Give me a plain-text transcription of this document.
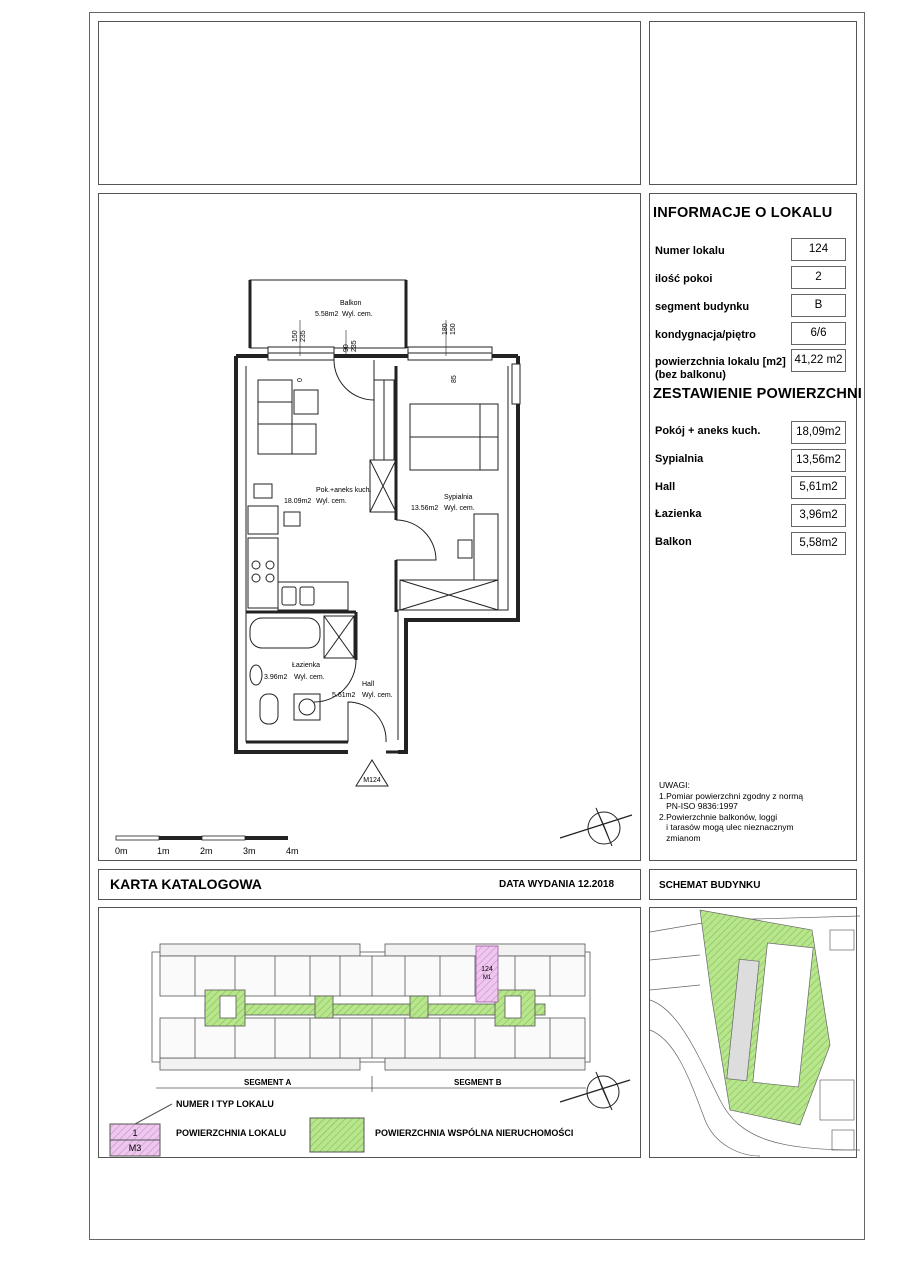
INFORMACJE O LOKALU
Numer lokalu	124
ilość pokoi	2
segment budynku	B
kondygnacja/piętro	6/6
powierzchnia lokalu [m2] (bez balkonu)
41,22 m2
ZESTAWIENIE POWIERZCHNI
Pokój + aneks kuch.	18,09m2
Sypialnia	13,56m2
Hall	5,61m2
Łazienka	3,96m2
Balkon	5,58m2
UWAGI:
1.Pomiar powierzchni zgodny z normą
PN-ISO 9836:1997
2.Powierzchnie balkonów, loggi
i tarasów mogą ulec nieznacznym
zmianom
KARTA KATALOGOWA	DATA WYDANIA 12.2018	SCHEMAT BUDYNKU
Balkon
5.58m2 Wyl. cem.
Pok.+aneks kuch.
18.09m2 Wyl. cem.
Sypialnia
13.56m2 Wyl. cem.
Łazienka
3.96m2 Wyl. cem.
Hall
5.61m2 Wyl. cem.
150 235
90 235
0
180 150
85
M124
0m	1m	2m	3m	4m
124
M1
SEGMENT A	SEGMENT B
1
M3
NUMER I TYP LOKALU
POWIERZCHNIA LOKALU	POWIERZCHNIA WSPÓLNA NIERUCHOMOŚCI
